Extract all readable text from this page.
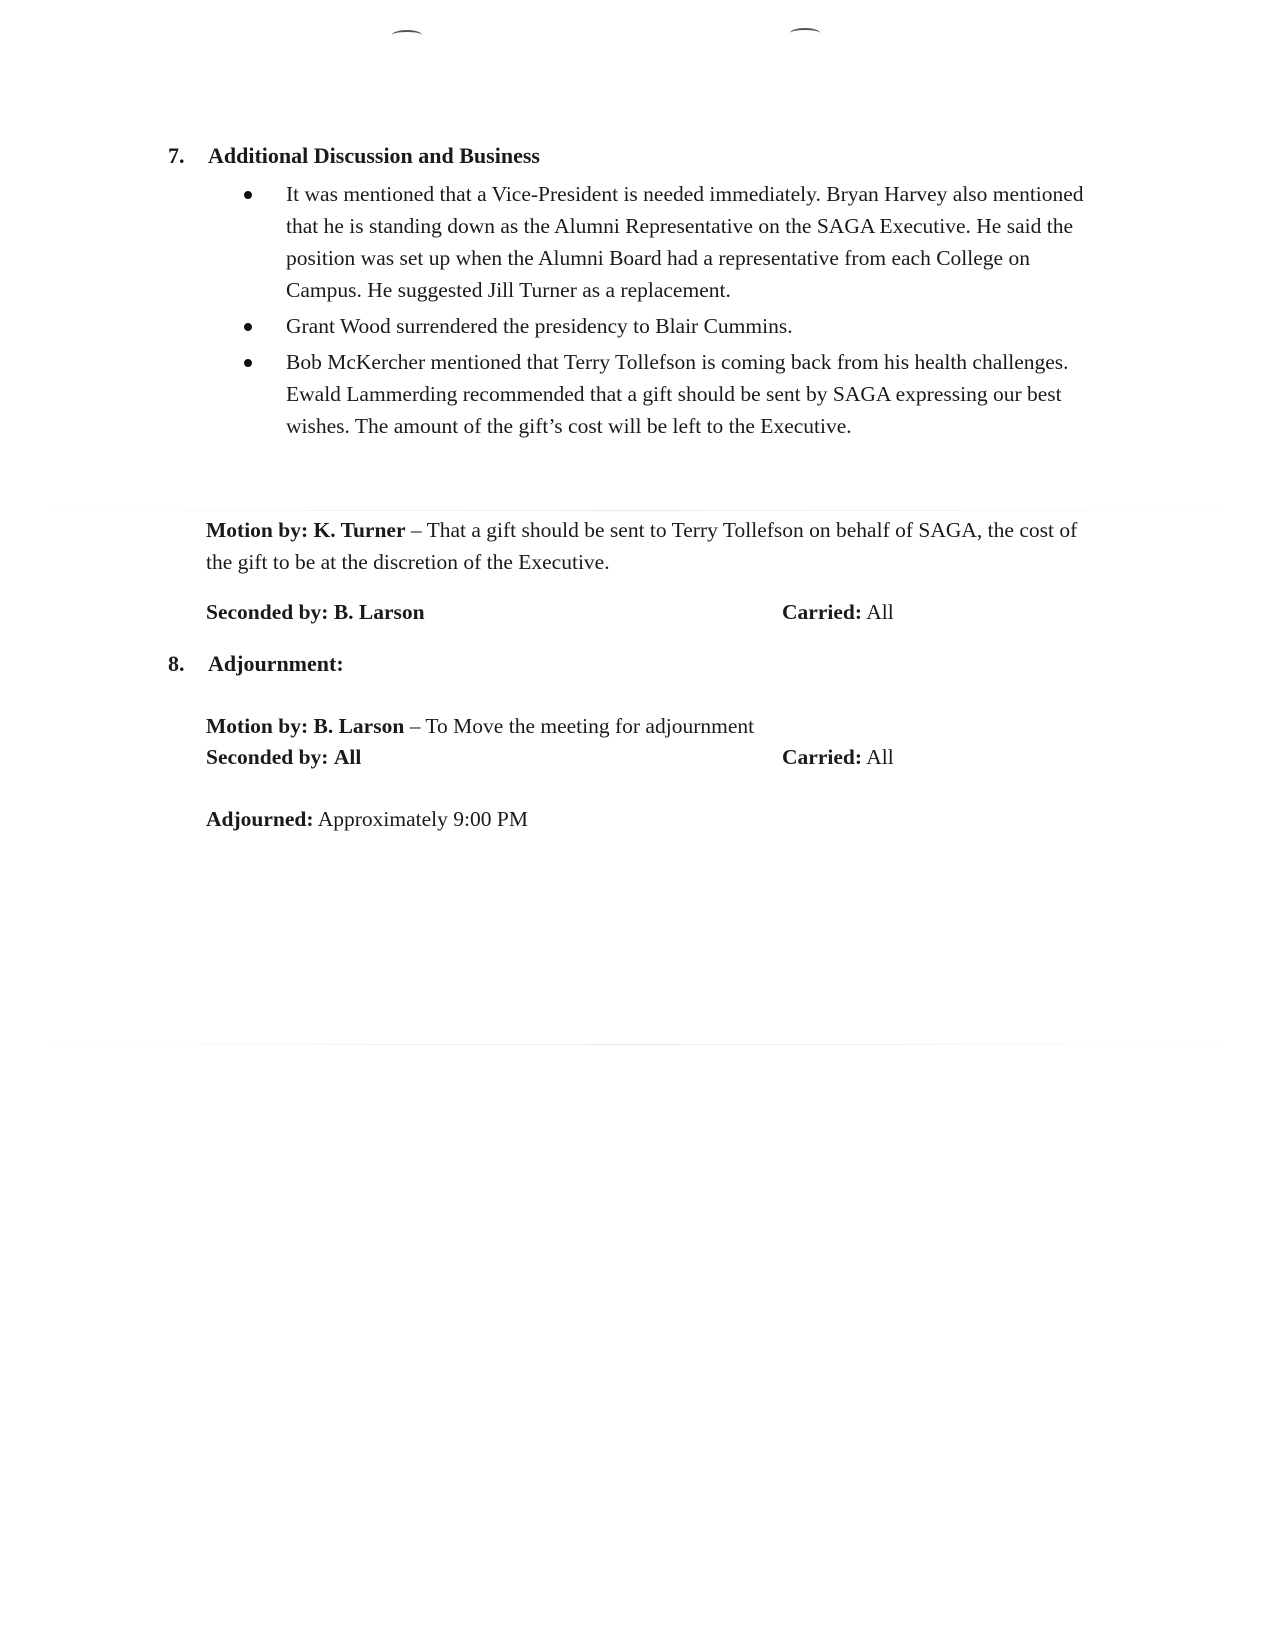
7.	Additional Discussion and Business
It was mentioned that a Vice-President is needed immediately. Bryan Harvey also mentioned that he is standing down as the Alumni Representative on the SAGA Executive. He said the position was set up when the Alumni Board had a representative from each College on Campus. He suggested Jill Turner as a replacement.
Grant Wood surrendered the presidency to Blair Cummins.
Bob McKercher mentioned that Terry Tollefson is coming back from his health challenges. Ewald Lammerding recommended that a gift should be sent by SAGA expressing our best wishes. The amount of the gift’s cost will be left to the Executive.
Motion by: K. Turner – That a gift should be sent to Terry Tollefson on behalf of SAGA, the cost of the gift to be at the discretion of the Executive.
Seconded by: B. Larson	Carried: All
8.	Adjournment:
Motion by: B. Larson – To Move the meeting for adjournment
Seconded by: All	Carried: All
Adjourned: Approximately 9:00 PM
